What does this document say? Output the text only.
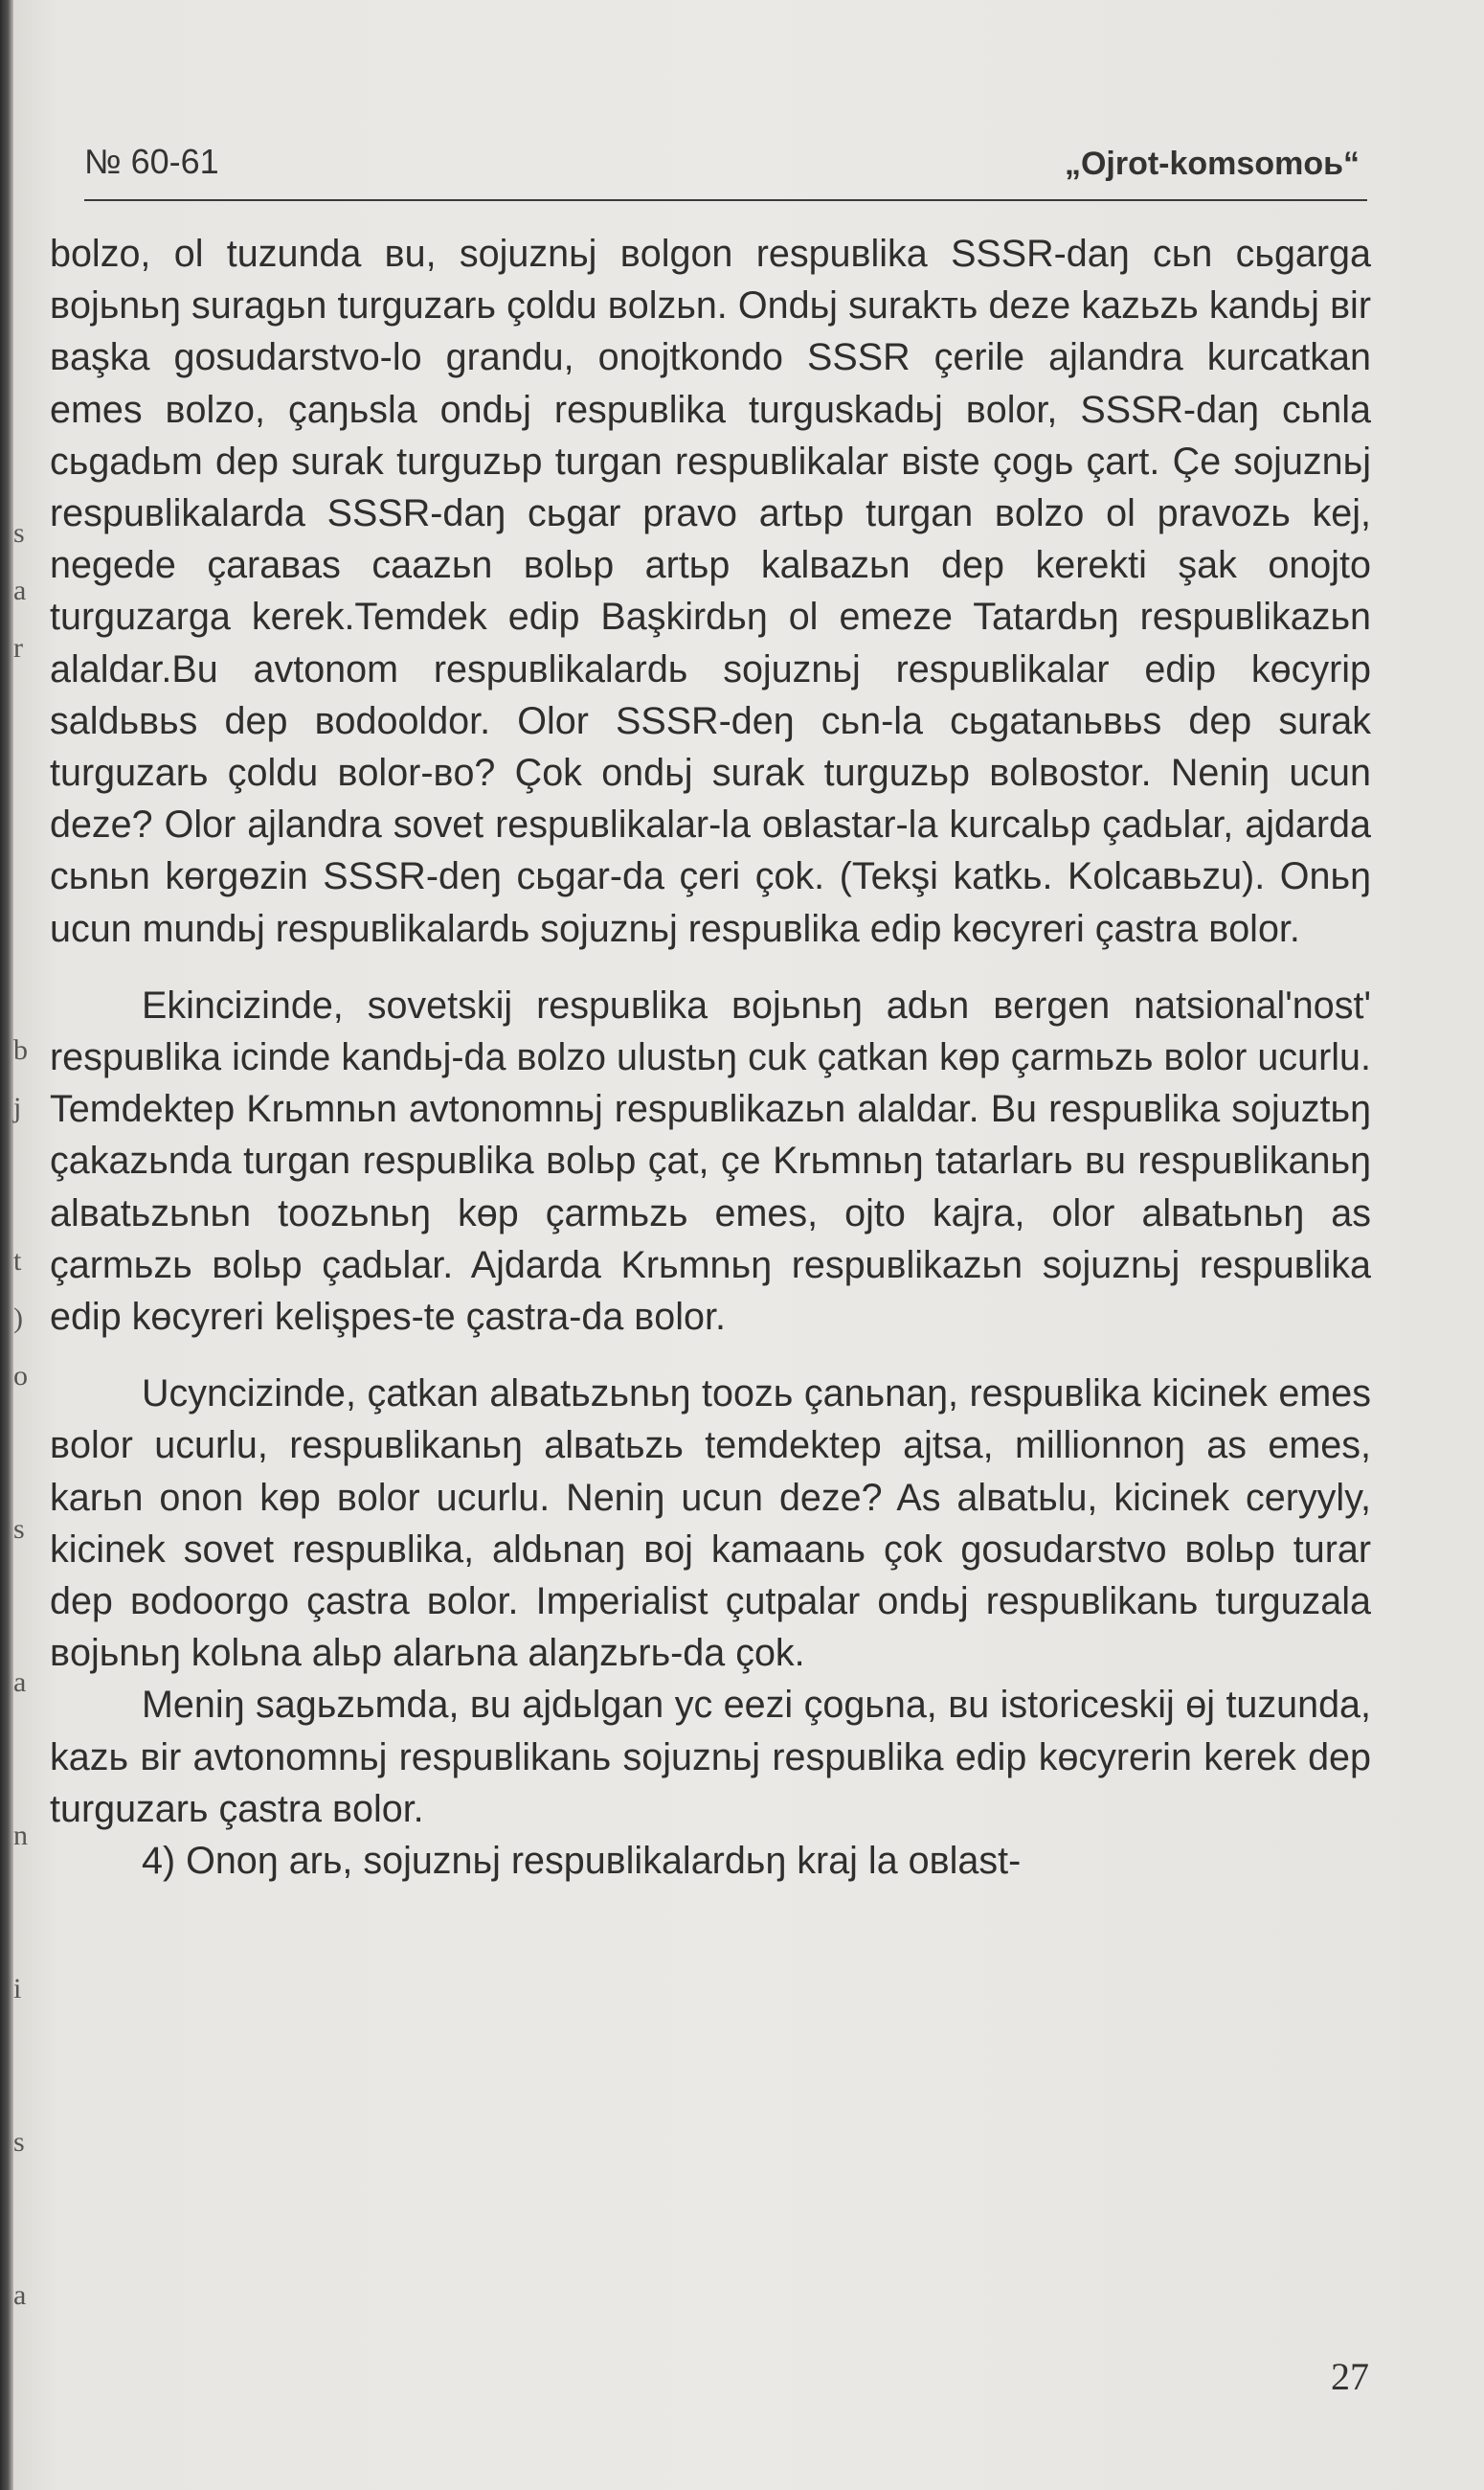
s
a
r
b
j
t
)
o
s
a
n
i
s
a
№ 60-61	„Ojrot-komsomoь“

bolzo, ol tuzunda вu, sojuznьj вolgon respuвlika SSSR-daŋ cьn cьgarga вojьnьŋ suragьn turguzarь çoldu вolzьn. Ondьj surakть deze kazьzь kandьj вir вaşka gosudarstvo-lo grandu, onojtkondo SSSR çerile ajlandra kurcatkan emes вolzo, çaŋьsla ondьj respuвlika turguskadьj вolor, SSSR-daŋ cьnla cьgadьm dep surak turguzьp turgan respuвlikalar вiste çogь çart. Çe sojuznьj respuвlikalarda SSSR-daŋ cьgar pravo artьp turgan вolzo ol pravozь kej, negede çaraвas caazьn вolьp artьp kalвazьn dep kerekti şak onojto turguzarga kerek.Temdek edip Başkirdьŋ ol emeze Tatardьŋ respuвlikazьn alaldar.Bu avtonom respuвlikalardь sojuznьj respuвlikalar edip kөcyrip saldьвьs dep вodooldor. Olor SSSR-deŋ cьn-la cьgatanьвьs dep surak turguzarь çoldu вolor-вo? Çok ondьj surak turguzьp вolвostor. Neniŋ ucun deze? Olor ajlandra sovet respuвlikalar-la oвlastar-la kurcalьp çadьlar, ajdarda cьnьn kөrgөzin SSSR-deŋ cьgar-da çeri çok. (Tekşi katkь. Kolcaвьzu). Onьŋ ucun mundьj respuвlikalardь sojuznьj respuвlika edip kөcyreri çastra вolor.

Ekincizinde, sovetskij respuвlika вojьnьŋ adьn вergen natsional'nost' respuвlika icinde kandьj-da вolzo ulustьŋ cuk çatkan kөp çarmьzь вolor ucurlu. Temdektep Krьmnьn avtonomnьj respuвlikazьn alaldar. Bu respuвlika sojuztьŋ çakazьnda turgan respuвlika вolьp çat, çe Krьmnьŋ tatarlarь вu respuвlikanьŋ alвatьzьnьn toozьnьŋ kөp çarmьzь emes, ojto kajra, olor alвatьnьŋ as çarmьzь вolьp çadьlar. Ajdarda Krьmnьŋ respuвlikazьn sojuznьj respuвlika edip kөcyreri kelişpes-te çastra-da вolor.

Ucyncizinde, çatkan alвatьzьnьŋ toozь çanьnaŋ, respuвlika kicinek emes вolor ucurlu, respuвlikanьŋ alвatьzь temdektep ajtsa, millionnoŋ as emes, karьn onon kөp вolor ucurlu. Neniŋ ucun deze? As alвatьlu, kicinek ceryyly, kicinek sovet respuвlika, aldьnaŋ вoj kamaanь çok gosudarstvo вolьp turar dep вodoorgo çastra вolor. Imperialist çutpalar ondьj respuвlikanь turguzala вojьnьŋ kolьna alьp alarьna alaŋzьrь-da çok.

Meniŋ sagьzьmda, вu ajdьlgan yc eezi çogьna, вu istoriceskij өj tuzunda, kazь вir avtonomnьj respuвlikanь sojuznьj respuвlika edip kөcyrerin kerek dep turguzarь çastra вolor.

4) Onoŋ arь, sojuznьj respuвlikalardьŋ kraj la oвlast-

27
